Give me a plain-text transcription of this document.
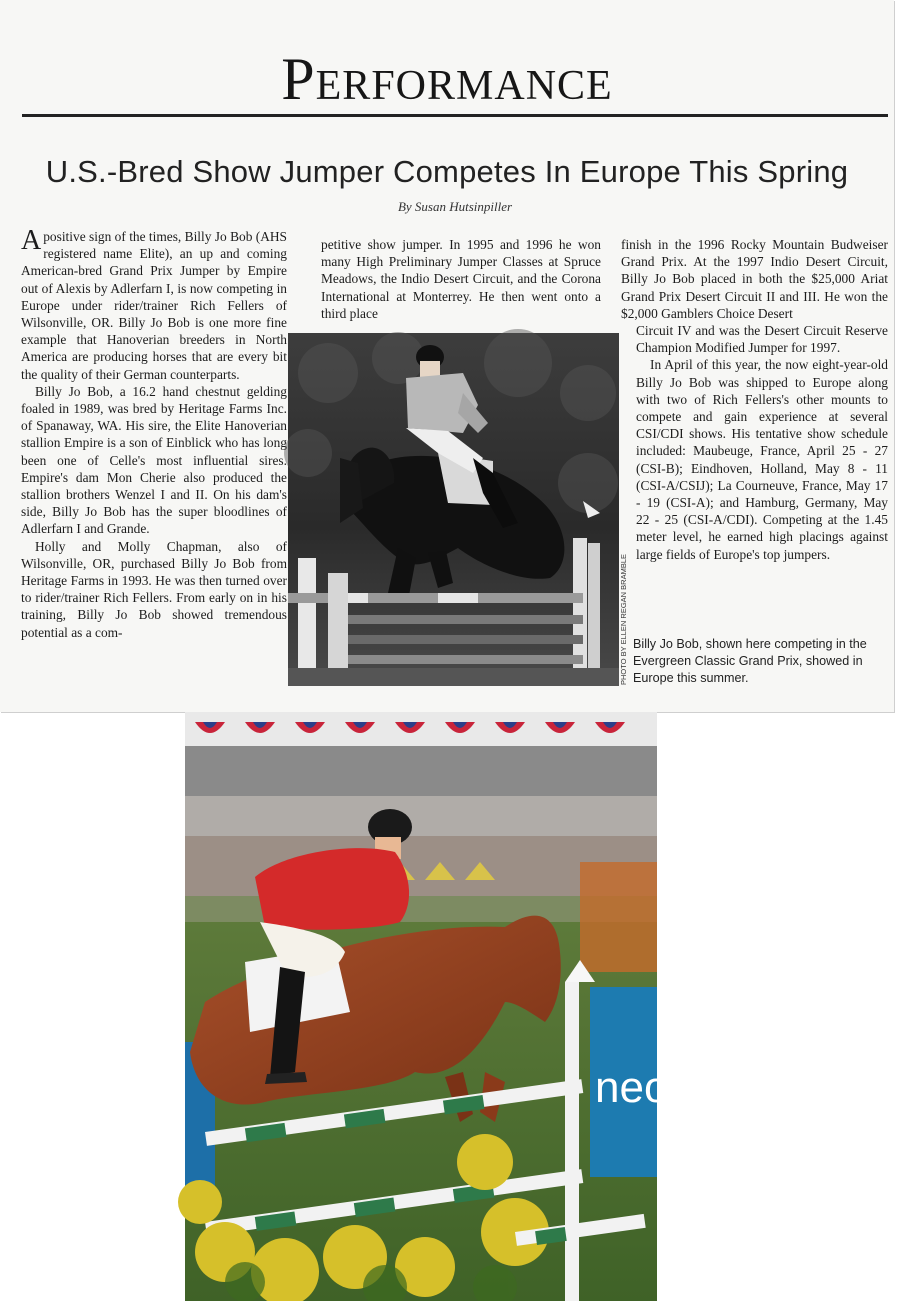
Performance
U.S.-Bred Show Jumper Competes In Europe This Spring
By Susan Hutsinpiller

A positive sign of the times, Billy Jo Bob (AHS registered name Elite), an up and coming American-bred Grand Prix Jumper by Empire out of Alexis by Adlerfarn I, is now competing in Europe under rider/trainer Rich Fellers of Wilsonville, OR. Billy Jo Bob is one more fine example that Hanoverian breeders in North America are producing horses that are every bit the quality of their German counterparts.

Billy Jo Bob, a 16.2 hand chestnut gelding foaled in 1989, was bred by Heritage Farms Inc. of Spanaway, WA. His sire, the Elite Hanoverian stallion Empire is a son of Einblick who has long been one of Celle's most influential sires. Empire's dam Mon Cherie also produced the stallion brothers Wenzel I and II. On his dam's side, Billy Jo Bob has the super bloodlines of Adlerfarn I and Grande.

Holly and Molly Chapman, also of Wilsonville, OR, purchased Billy Jo Bob from Heritage Farms in 1993. He was then turned over to rider/trainer Rich Fellers. From early on in his training, Billy Jo Bob showed tremendous potential as a com-

petitive show jumper. In 1995 and 1996 he won many High Preliminary Jumper Classes at Spruce Meadows, the Indio Desert Circuit, and the Corona International at Monterrey. He then went onto a third place

finish in the 1996 Rocky Mountain Budweiser Grand Prix. At the 1997 Indio Desert Circuit, Billy Jo Bob placed in both the $25,000 Ariat Grand Prix Desert Circuit II and III. He won the $2,000 Gamblers Choice Desert

Circuit IV and was the Desert Circuit Reserve Champion Modified Jumper for 1997.

In April of this year, the now eight-year-old Billy Jo Bob was shipped to Europe along with two of Rich Fellers's other mounts to compete and gain experience at several CSI/CDI shows. His tentative show schedule included: Maubeuge, France, April 25 - 27 (CSI-B); Eindhoven, Holland, May 8 - 11 (CSI-A/CSIJ); La Courneuve, France, May 17 - 19 (CSI-A); and Hamburg, Germany, May 22 - 25 (CSI-A/CDI). Competing at the 1.45 meter level, he earned high placings against large fields of Europe's top jumpers.

PHOTO BY ELLEN REGAN BRAMBLE Billy Jo Bob, shown here competing in the Evergreen Classic Grand Prix, showed in Europe this summer.
neon
